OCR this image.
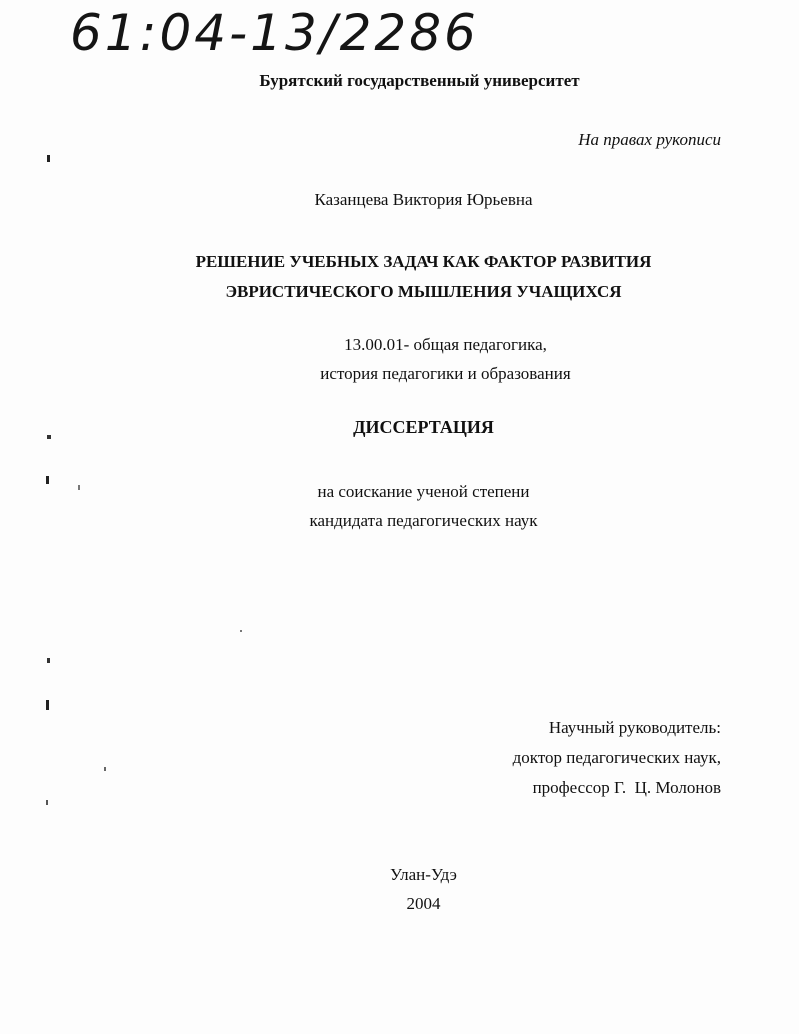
61:04-13/2286
Бурятский государственный университет
На правах рукописи
Казанцева Виктория Юрьевна
РЕШЕНИЕ УЧЕБНЫХ ЗАДАЧ КАК ФАКТОР РАЗВИТИЯ
ЭВРИСТИЧЕСКОГО МЫШЛЕНИЯ УЧАЩИХСЯ
13.00.01- общая педагогика,
история педагогики и образования
ДИССЕРТАЦИЯ
на соискание ученой степени
кандидата педагогических наук
Научный руководитель:
доктор педагогических наук,
профессор Г.  Ц. Молонов
Улан-Удэ
2004
